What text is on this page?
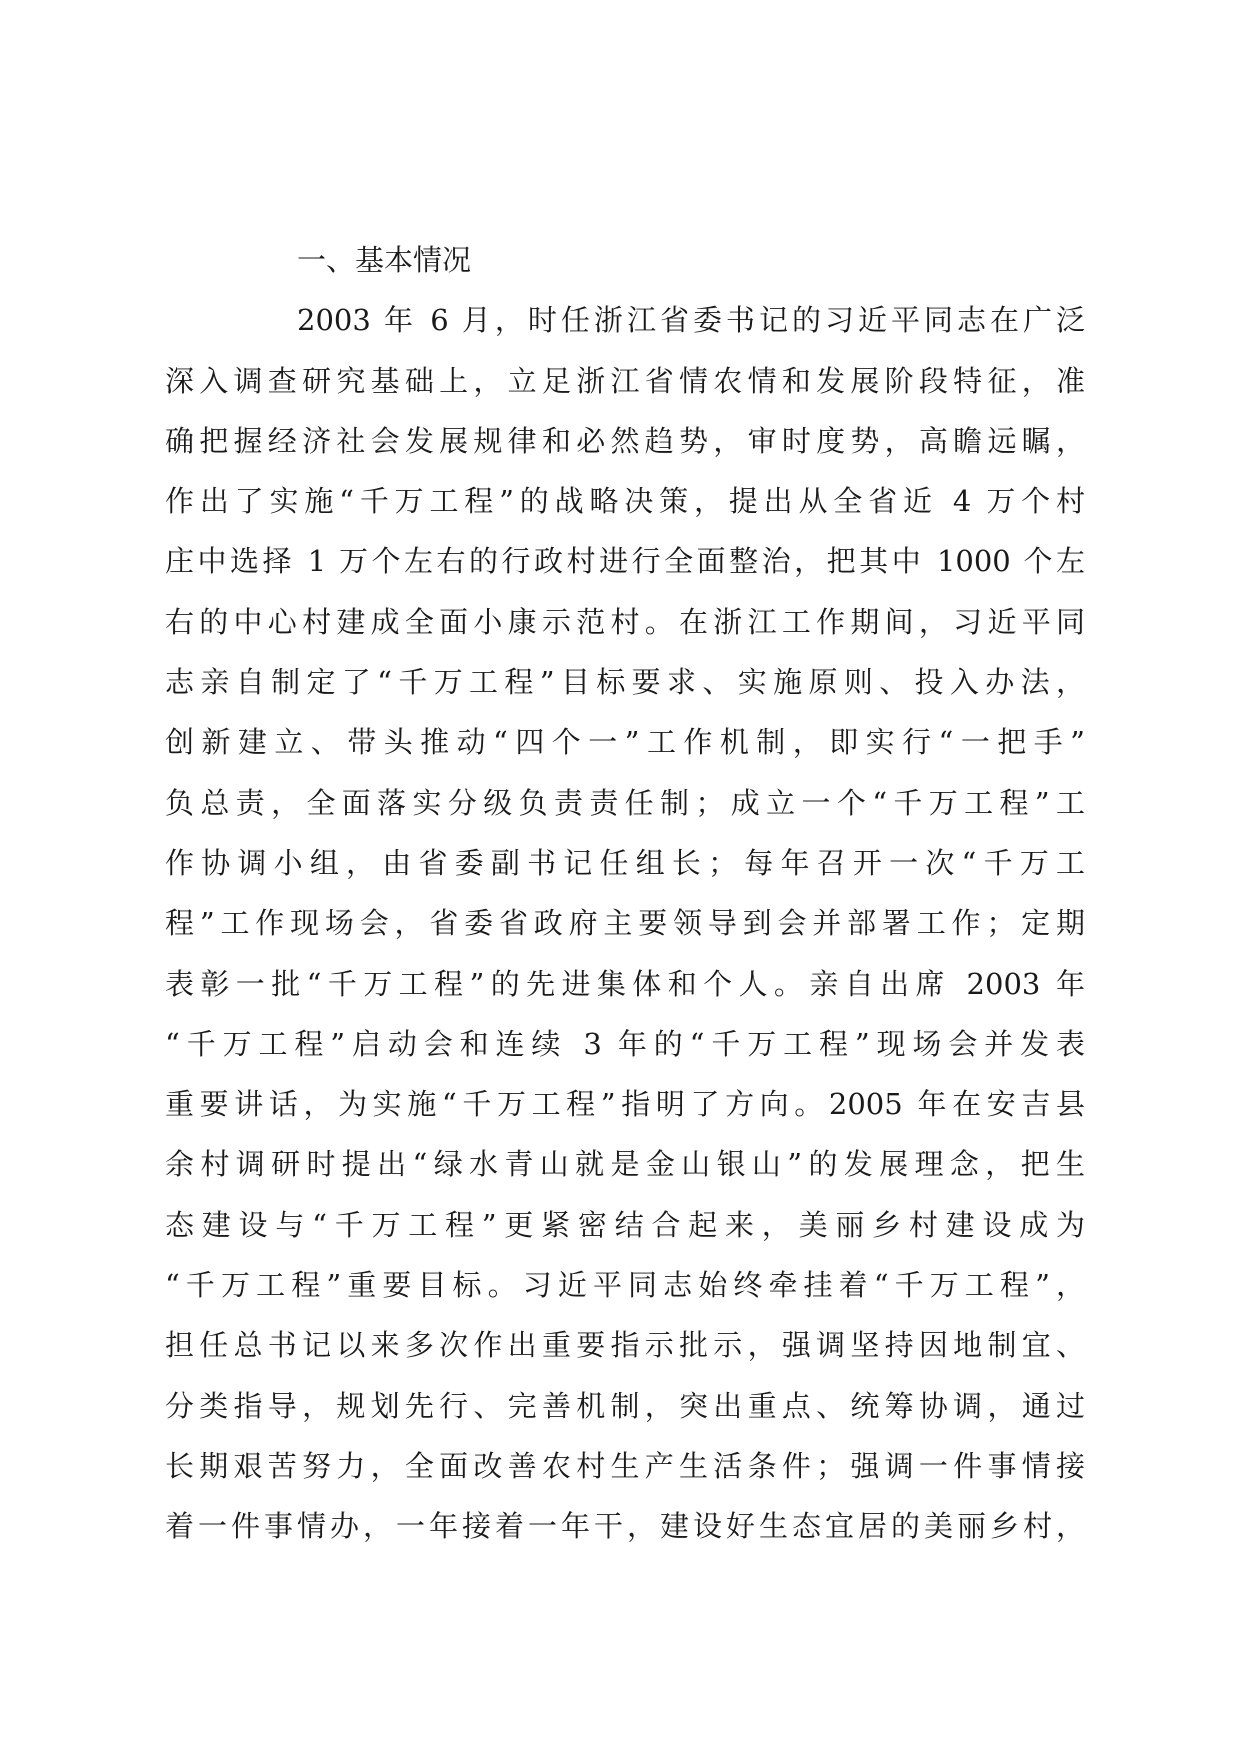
一、基本情况

2003 年 6 月，时任浙江省委书记的习近平同志在广泛

深入调查研究基础上，立足浙江省情农情和发展阶段特征，准

确把握经济社会发展规律和必然趋势，审时度势，高瞻远瞩，

作出了实施“千万工程”的战略决策，提出从全省近 4 万个村

庄中选择 1 万个左右的行政村进行全面整治，把其中 1000 个左

右的中心村建成全面小康示范村。在浙江工作期间，习近平同

志亲自制定了“千万工程”目标要求、实施原则、投入办法，

创新建立、带头推动“四个一”工作机制，即实行“一把手”

负总责，全面落实分级负责责任制；成立一个“千万工程”工

作协调小组，由省委副书记任组长；每年召开一次“千万工

程”工作现场会，省委省政府主要领导到会并部署工作；定期

表彰一批“千万工程”的先进集体和个人。亲自出席 2003 年

“千万工程”启动会和连续 3 年的“千万工程”现场会并发表

重要讲话，为实施“千万工程”指明了方向。2005 年在安吉县

余村调研时提出“绿水青山就是金山银山”的发展理念，把生

态建设与“千万工程”更紧密结合起来，美丽乡村建设成为

“千万工程”重要目标。习近平同志始终牵挂着“千万工程”，

担任总书记以来多次作出重要指示批示，强调坚持因地制宜、

分类指导，规划先行、完善机制，突出重点、统筹协调，通过

长期艰苦努力，全面改善农村生产生活条件；强调一件事情接

着一件事情办，一年接着一年干，建设好生态宜居的美丽乡村，
